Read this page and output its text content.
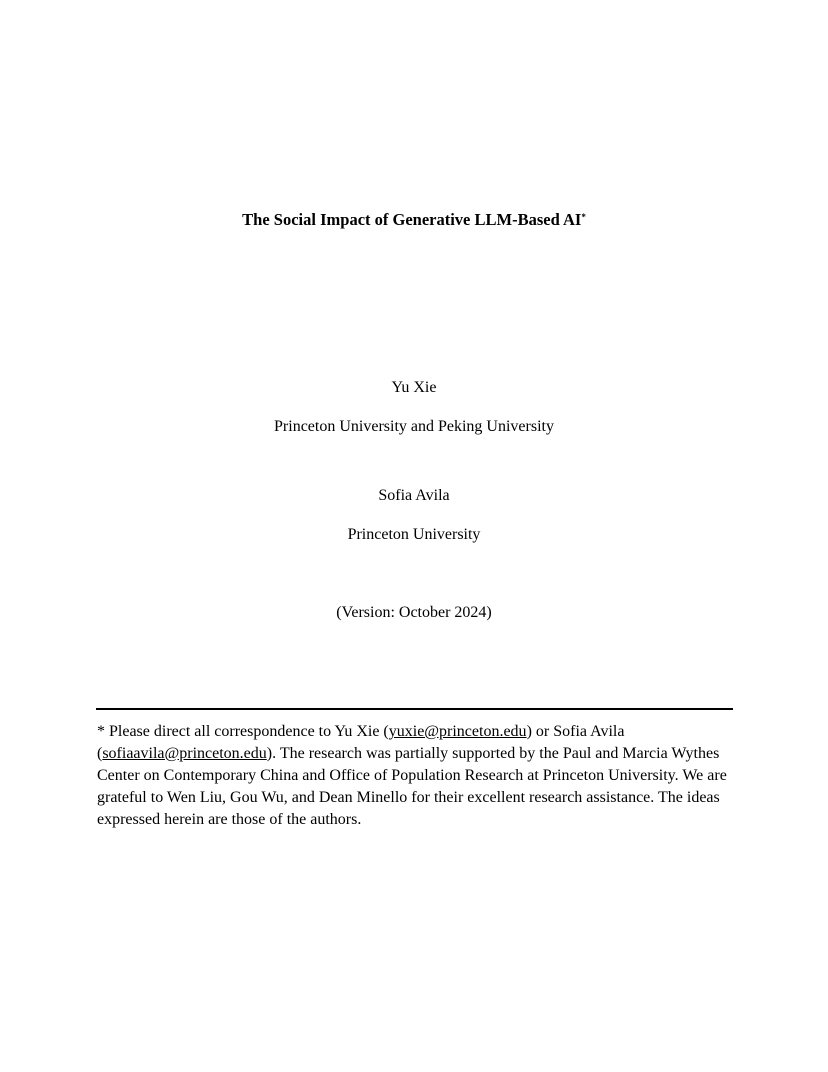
The Social Impact of Generative LLM-Based AI*
Yu Xie
Princeton University and Peking University
Sofia Avila
Princeton University
(Version: October 2024)
* Please direct all correspondence to Yu Xie (yuxie@princeton.edu) or Sofia Avila (sofiaavila@princeton.edu). The research was partially supported by the Paul and Marcia Wythes Center on Contemporary China and Office of Population Research at Princeton University. We are grateful to Wen Liu, Gou Wu, and Dean Minello for their excellent research assistance. The ideas expressed herein are those of the authors.
